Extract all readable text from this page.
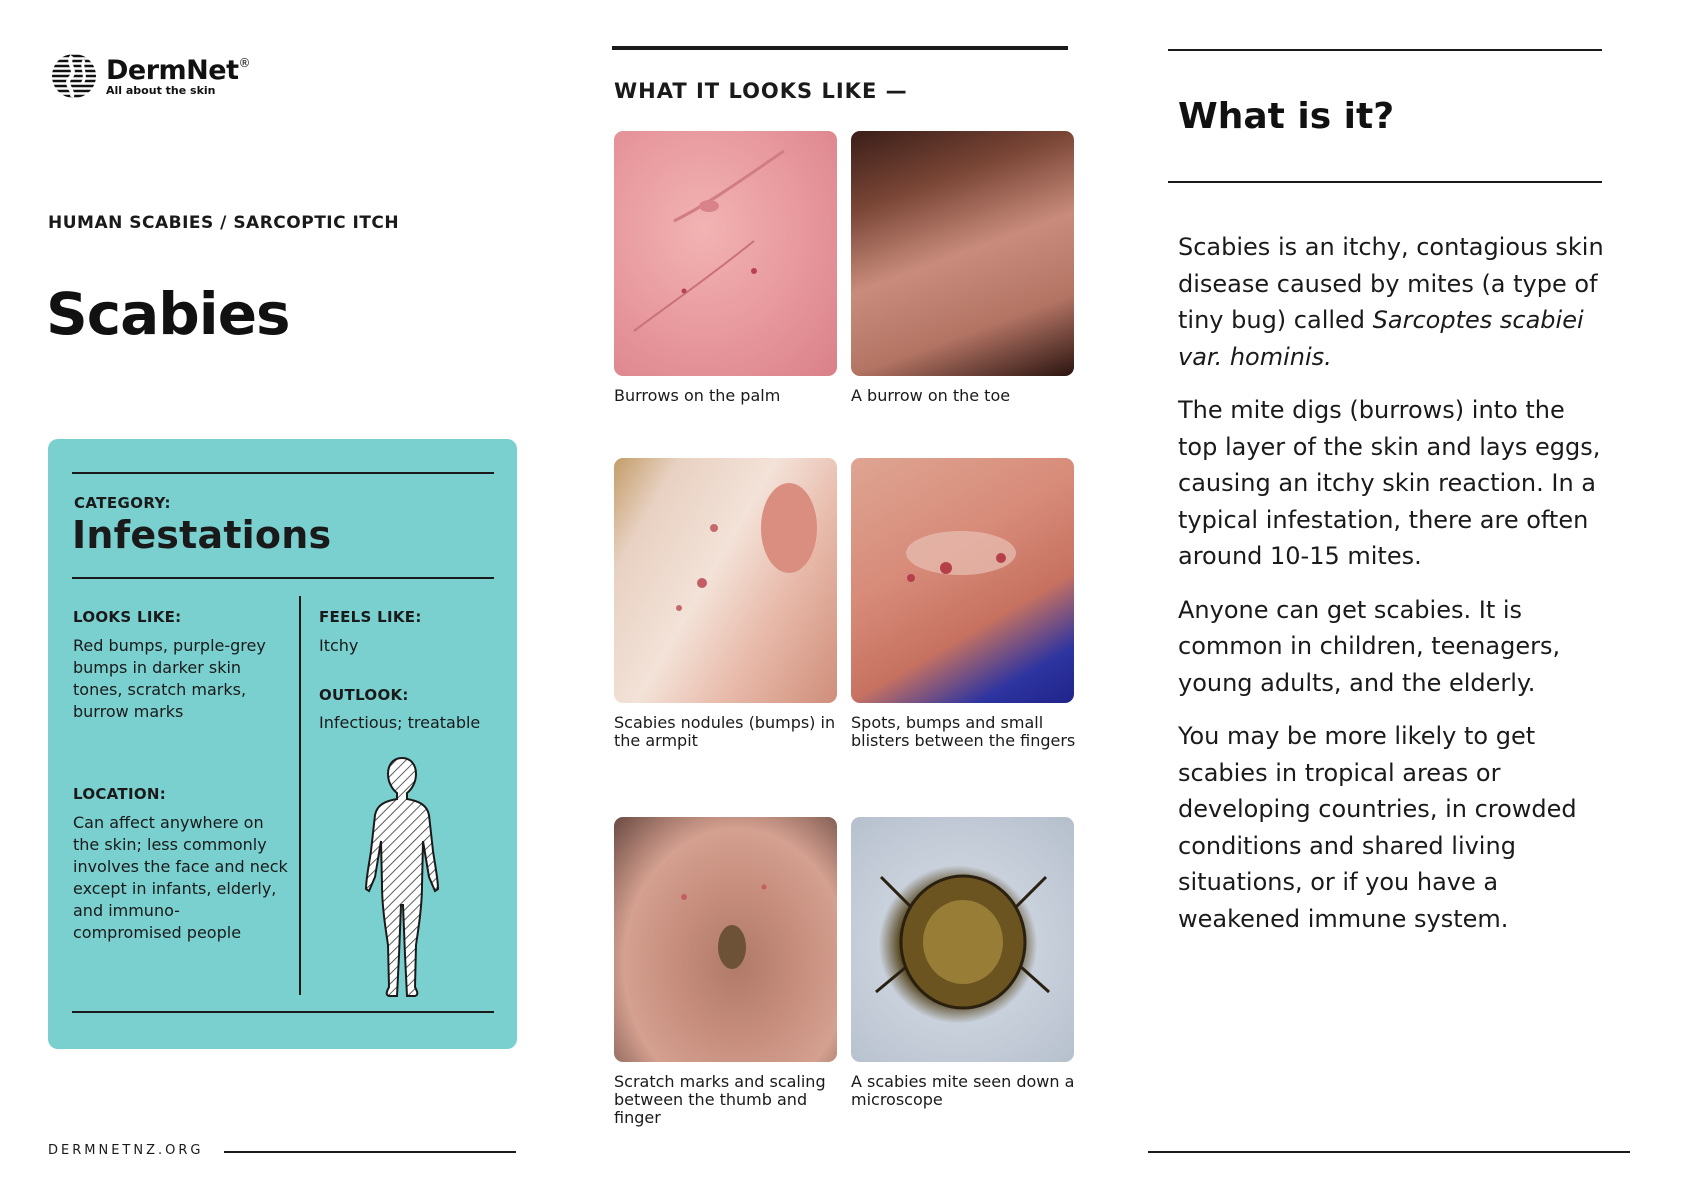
DermNet®
All about the skin
HUMAN SCABIES / SARCOPTIC ITCH
Scabies
CATEGORY:
Infestations
LOOKS LIKE:
Red bumps, purple-grey bumps in darker skin tones, scratch marks, burrow marks
LOCATION:
Can affect anywhere on the skin; less commonly involves the face and neck except in infants, elderly, and immuno-compromised people
FEELS LIKE:
Itchy
OUTLOOK:
Infectious; treatable
DERMNETNZ.ORG
WHAT IT LOOKS LIKE —
Burrows on the palm	A burrow on the toe
Scabies nodules (bumps) in the armpit
Spots, bumps and small blisters between the fingers
Scratch marks and scaling between the thumb and finger
A scabies mite seen down a microscope
What is it?

Scabies is an itchy, contagious skin disease caused by mites (a type of tiny bug) called Sarcoptes scabiei var. hominis.

The mite digs (burrows) into the top layer of the skin and lays eggs, causing an itchy skin reaction. In a typical infestation, there are often around 10-15 mites.

Anyone can get scabies. It is common in children, teenagers, young adults, and the elderly.

You may be more likely to get scabies in tropical areas or developing countries, in crowded conditions and shared living situations, or if you have a weakened immune system.
